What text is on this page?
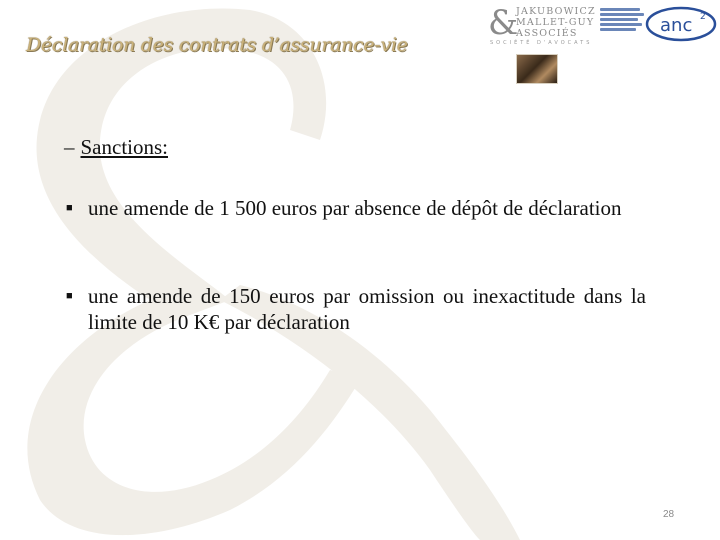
Déclaration des contrats d’assurance-vie
&
JAKUBOWICZ
MALLET-GUY
ASSOCIÉS
SOCIÉTÉ D'AVOCATS
anc 2
– Sanctions:
■ une amende de 1 500 euros par absence de dépôt de déclaration
■ une amende de 150 euros par omission ou inexactitude dans la limite de 10 K€ par déclaration
28
